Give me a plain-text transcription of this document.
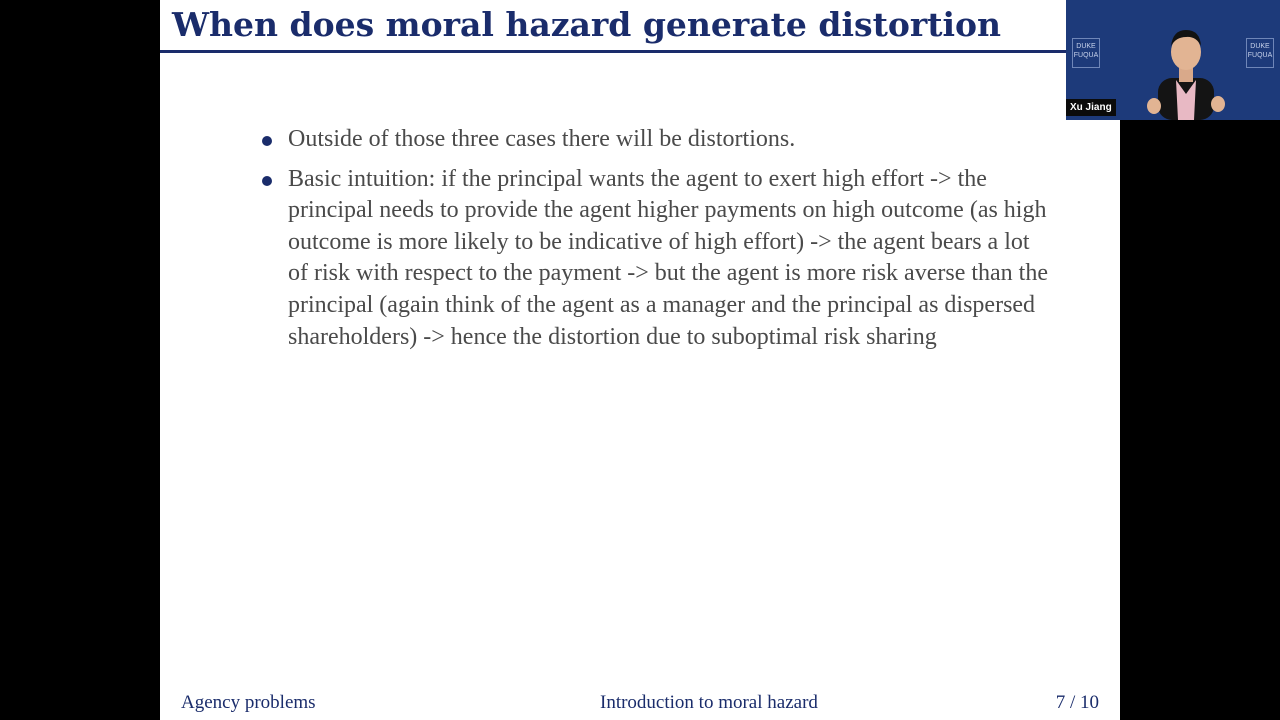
When does moral hazard generate distortion
Outside of those three cases there will be distortions.
Basic intuition: if the principal wants the agent to exert high effort -> the principal needs to provide the agent higher payments on high outcome (as high outcome is more likely to be indicative of high effort) -> the agent bears a lot of risk with respect to the payment -> but the agent is more risk averse than the principal (again think of the agent as a manager and the principal as dispersed shareholders) -> hence the distortion due to suboptimal risk sharing
Agency problems	Introduction to moral hazard	7 / 10
DUKE FUQUA
DUKE FUQUA
Xu Jiang
